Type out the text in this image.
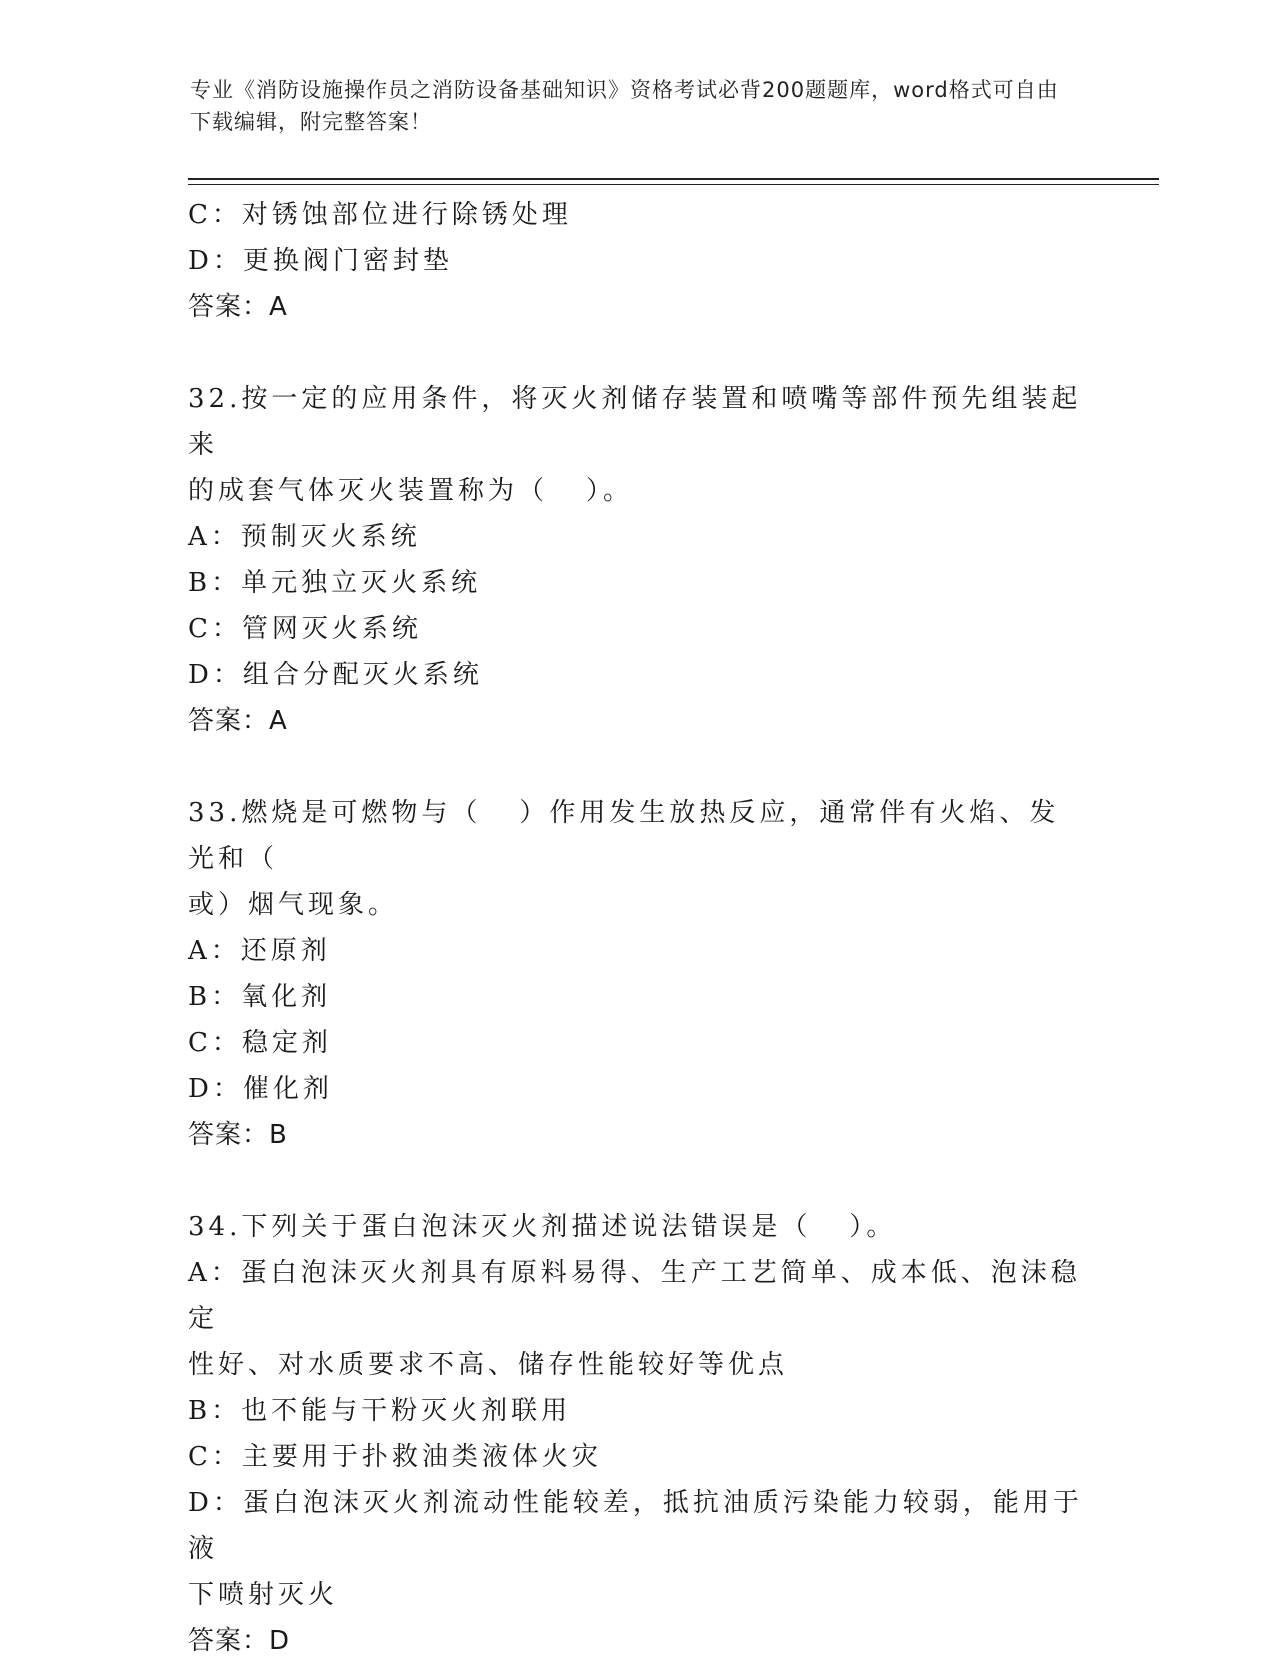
专业《消防设施操作员之消防设备基础知识》资格考试必背200题题库，word格式可自由下载编辑，附完整答案！

C：对锈蚀部位进行除锈处理

D：更换阀门密封垫

答案：A

32.按一定的应用条件，将灭火剂储存装置和喷嘴等部件预先组装起来

的成套气体灭火装置称为（ ）。

A：预制灭火系统

B：单元独立灭火系统

C：管网灭火系统

D：组合分配灭火系统

答案：A

33.燃烧是可燃物与（ ）作用发生放热反应，通常伴有火焰、发光和（

或）烟气现象。

A：还原剂

B：氧化剂

C：稳定剂

D：催化剂

答案：B

34.下列关于蛋白泡沫灭火剂描述说法错误是（ ）。

A：蛋白泡沫灭火剂具有原料易得、生产工艺简单、成本低、泡沫稳定

性好、对水质要求不高、储存性能较好等优点

B：也不能与干粉灭火剂联用

C：主要用于扑救油类液体火灾

D：蛋白泡沫灭火剂流动性能较差，抵抗油质污染能力较弱，能用于液

下喷射灭火

答案：D
